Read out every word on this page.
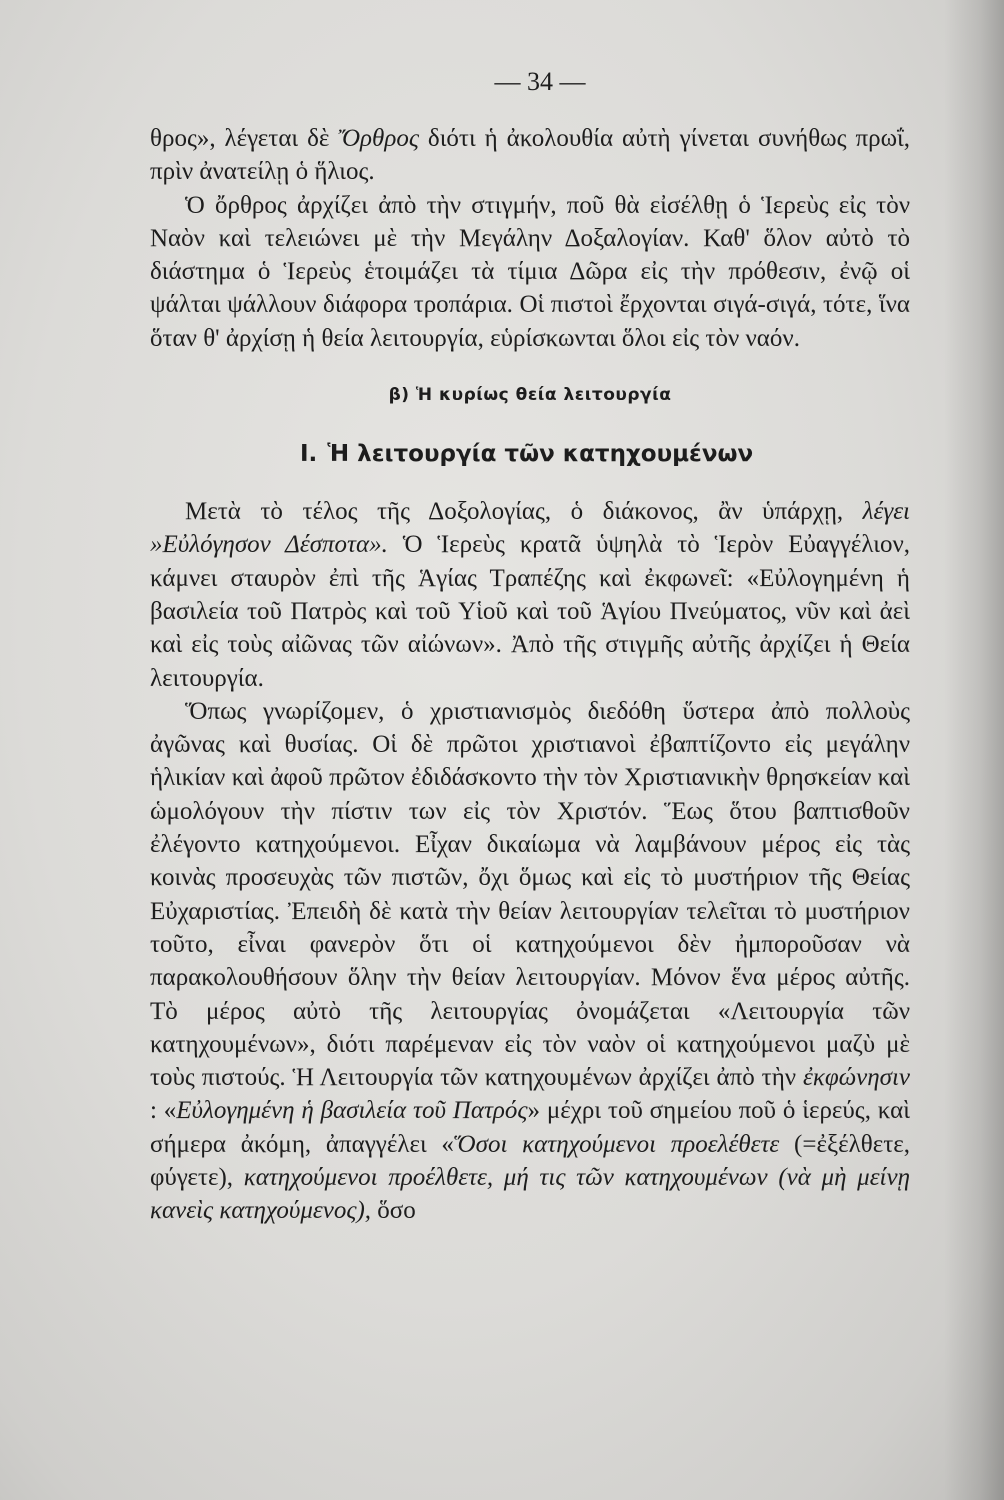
— 34 —

θρος», λέγεται δὲ Ὄρθρος διότι ἡ ἀκολουθία αὐτὴ γίνεται συνήθως πρωΐ, πρὶν ἀνατείλῃ ὁ ἥλιος.

Ὁ ὄρθρος ἀρχίζει ἀπὸ τὴν στιγμήν, ποῦ θὰ εἰσέλθῃ ὁ Ἱερεὺς εἰς τὸν Ναὸν καὶ τελειώνει μὲ τὴν Μεγάλην Δοξαλογίαν. Καθ' ὅλον αὐτὸ τὸ διάστημα ὁ Ἱερεὺς ἑτοιμάζει τὰ τίμια Δῶρα εἰς τὴν πρόθεσιν, ἐνῷ οἱ ψάλται ψάλλουν διάφορα τροπάρια. Οἱ πιστοὶ ἔρχονται σιγά-σιγά, τότε, ἵνα ὅταν θ' ἀρχίσῃ ἡ θεία λειτουργία, εὑρίσκωνται ὅλοι εἰς τὸν ναόν.

β) Ἡ κυρίως θεία λειτουργία
Ι. Ἡ λειτουργία τῶν κατηχουμένων

Μετὰ τὸ τέλος τῆς Δοξολογίας, ὁ διάκονος, ἂν ὑπάρχῃ, λέγει »Εὐλόγησον Δέσποτα». Ὁ Ἱερεὺς κρατᾶ ὑψηλὰ τὸ Ἱερὸν Εὐαγγέλιον, κάμνει σταυρὸν ἐπὶ τῆς Ἁγίας Τραπέζης καὶ ἐκφωνεῖ: «Εὐλογημένη ἡ βασιλεία τοῦ Πατρὸς καὶ τοῦ Υἱοῦ καὶ τοῦ Ἁγίου Πνεύματος, νῦν καὶ ἀεὶ καὶ εἰς τοὺς αἰῶνας τῶν αἰώνων». Ἀπὸ τῆς στιγμῆς αὐτῆς ἀρχίζει ἡ Θεία λειτουργία.

Ὅπως γνωρίζομεν, ὁ χριστιανισμὸς διεδόθη ὕστερα ἀπὸ πολλοὺς ἀγῶνας καὶ θυσίας. Οἱ δὲ πρῶτοι χριστιανοὶ ἐβαπτίζοντο εἰς μεγάλην ἡλικίαν καὶ ἀφοῦ πρῶτον ἐδιδάσκοντο τὴν τὸν Χριστιανικὴν θρησκείαν καὶ ὡμολόγουν τὴν πίστιν των εἰς τὸν Χριστόν. Ἕως ὅτου βαπτισθοῦν ἐλέγοντο κατηχούμενοι. Εἶχαν δικαίωμα νὰ λαμβάνουν μέρος εἰς τὰς κοινὰς προσευχὰς τῶν πιστῶν, ὄχι ὅμως καὶ εἰς τὸ μυστήριον τῆς Θείας Εὐχαριστίας. Ἐπειδὴ δὲ κατὰ τὴν θείαν λειτουργίαν τελεῖται τὸ μυστήριον τοῦτο, εἶναι φανερὸν ὅτι οἱ κατηχούμενοι δὲν ἠμποροῦσαν νὰ παρακολουθήσουν ὅλην τὴν θείαν λειτουργίαν. Μόνον ἕνα μέρος αὐτῆς. Τὸ μέρος αὐτὸ τῆς λειτουργίας ὀνομάζεται «Λειτουργία τῶν κατηχουμένων», διότι παρέμεναν εἰς τὸν ναὸν οἱ κατηχούμενοι μαζὺ μὲ τοὺς πιστούς. Ἡ Λειτουργία τῶν κατηχουμένων ἀρχίζει ἀπὸ τὴν ἐκφώνησιν : «Εὐλογημένη ἡ βασιλεία τοῦ Πατρός» μέχρι τοῦ σημείου ποῦ ὁ ἱερεύς, καὶ σήμερα ἀκόμη, ἀπαγγέλει «Ὅσοι κατηχούμενοι προελέθετε (=ἐξέλθετε, φύγετε), κατηχούμενοι προέλθετε, μή τις τῶν κατηχουμένων (νὰ μὴ μείνῃ κανεὶς κατηχούμενος), ὅσο
